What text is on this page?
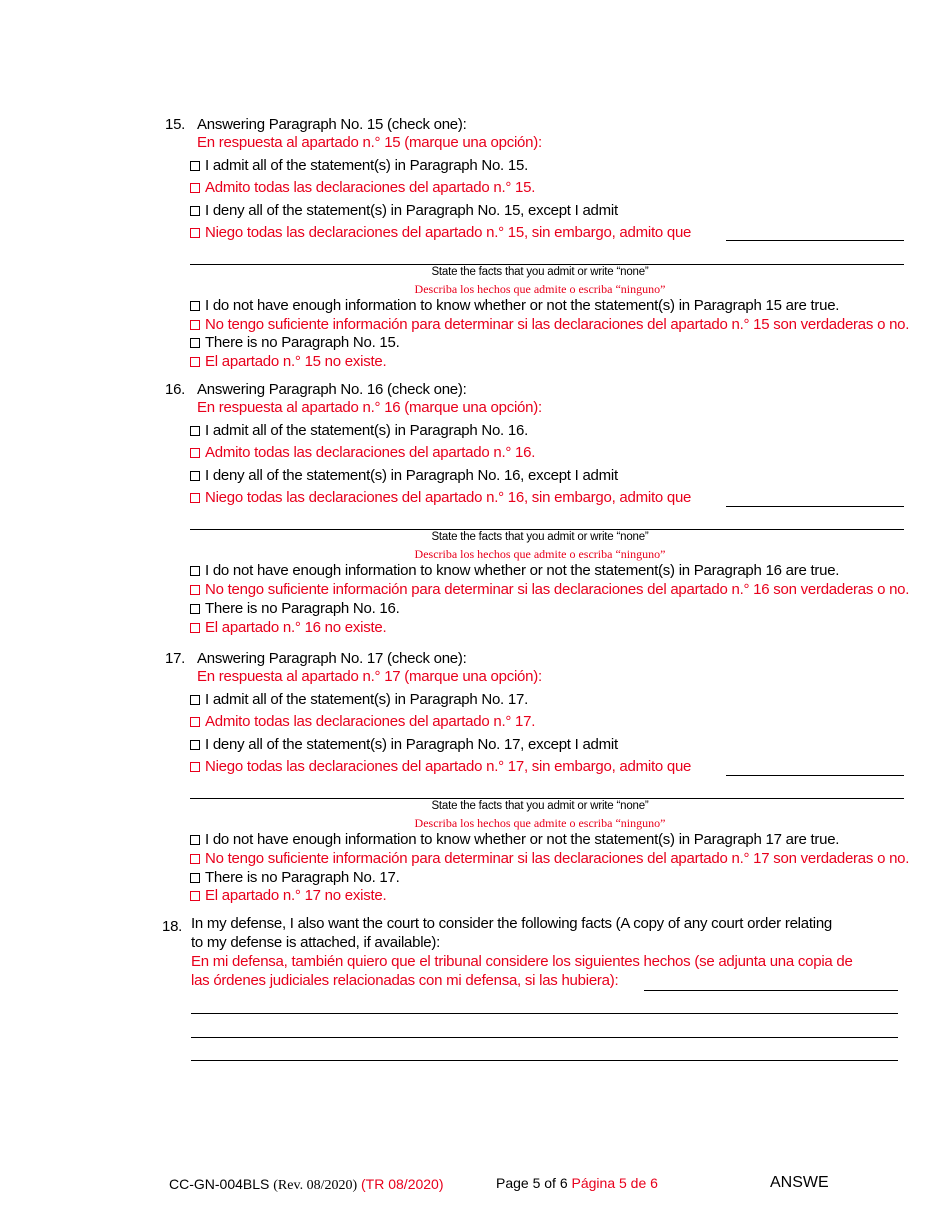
15. Answering Paragraph No. 15 (check one):
En respuesta al apartado n.° 15 (marque una opción):
I admit all of the statement(s) in Paragraph No. 15.
Admito todas las declaraciones del apartado n.° 15.
I deny all of the statement(s) in Paragraph No. 15, except I admit
Niego todas las declaraciones del apartado n.° 15, sin embargo, admito que
State the facts that you admit or write “none”
Describa los hechos que admite o escriba “ninguno”
I do not have enough information to know whether or not the statement(s) in Paragraph 15 are true.
No tengo suficiente información para determinar si las declaraciones del apartado n.° 15 son verdaderas o no.
There is no Paragraph No. 15.
El apartado n.° 15 no existe.
16. Answering Paragraph No. 16 (check one):
En respuesta al apartado n.° 16 (marque una opción):
I admit all of the statement(s) in Paragraph No. 16.
Admito todas las declaraciones del apartado n.° 16.
I deny all of the statement(s) in Paragraph No. 16, except I admit
Niego todas las declaraciones del apartado n.° 16, sin embargo, admito que
State the facts that you admit or write “none”
Describa los hechos que admite o escriba “ninguno”
I do not have enough information to know whether or not the statement(s) in Paragraph 16 are true.
No tengo suficiente información para determinar si las declaraciones del apartado n.° 16 son verdaderas o no.
There is no Paragraph No. 16.
El apartado n.° 16 no existe.
17. Answering Paragraph No. 17 (check one):
En respuesta al apartado n.° 17 (marque una opción):
I admit all of the statement(s) in Paragraph No. 17.
Admito todas las declaraciones del apartado n.° 17.
I deny all of the statement(s) in Paragraph No. 17, except I admit
Niego todas las declaraciones del apartado n.° 17, sin embargo, admito que
State the facts that you admit or write “none”
Describa los hechos que admite o escriba “ninguno”
I do not have enough information to know whether or not the statement(s) in Paragraph 17 are true.
No tengo suficiente información para determinar si las declaraciones del apartado n.° 17 son verdaderas o no.
There is no Paragraph No. 17.
El apartado n.° 17 no existe.
18. In my defense, I also want the court to consider the following facts (A copy of any court order relating
to my defense is attached, if available):
En mi defensa, también quiero que el tribunal considere los siguientes hechos (se adjunta una copia de
las órdenes judiciales relacionadas con mi defensa, si las hubiera):
CC-GN-004BLS (Rev. 08/2020) (TR 08/2020)	Page 5 of 6 Página 5 de 6	ANSWE
